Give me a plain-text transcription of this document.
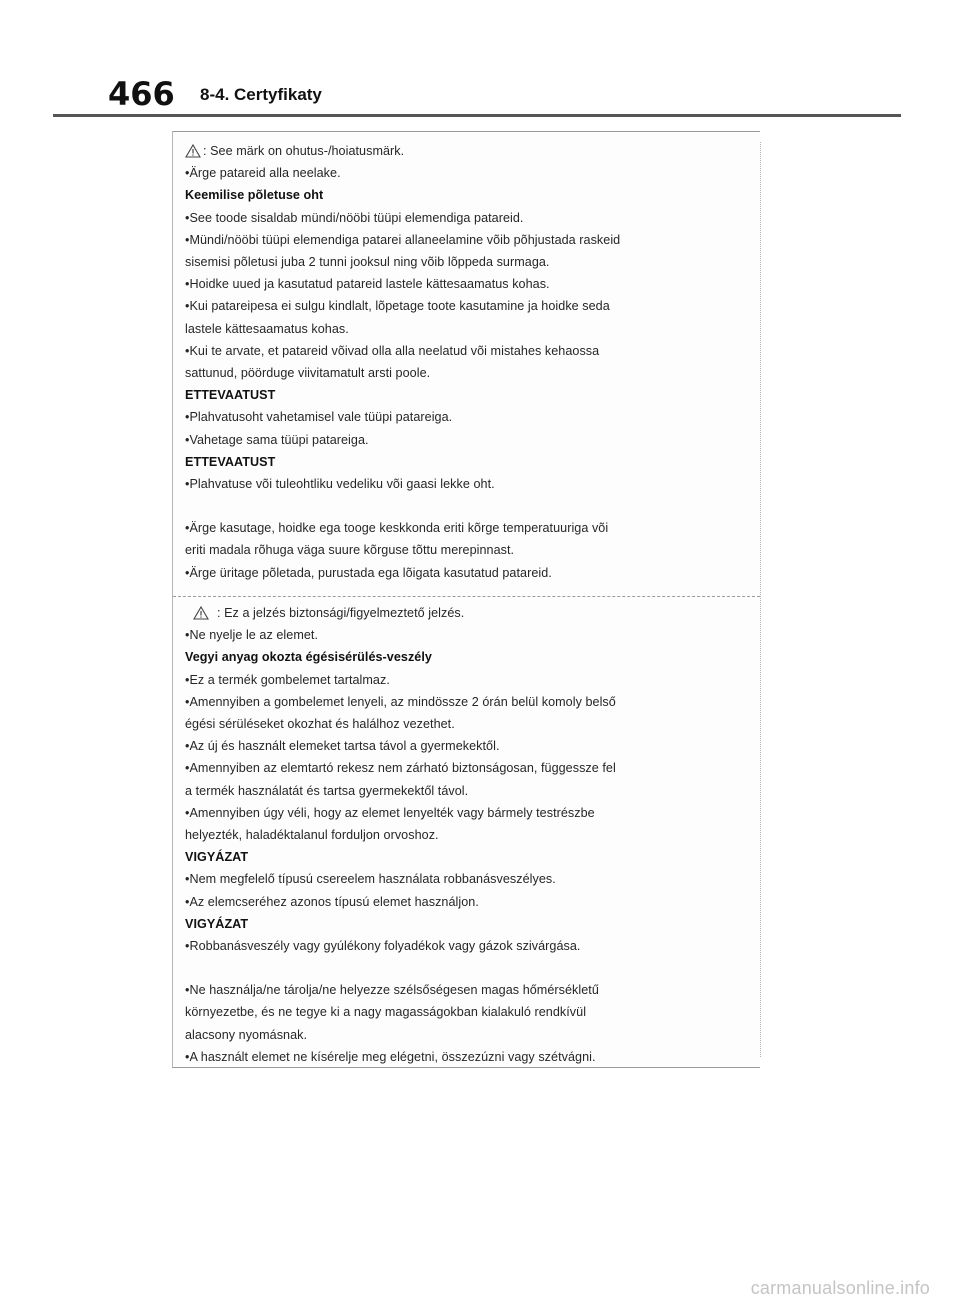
466 8-4. Certyfikaty
: See märk on ohutus-/hoiatusmärk.
•Ärge patareid alla neelake.
Keemilise põletuse oht
•See toode sisaldab mündi/nööbi tüüpi elemendiga patareid.
•Mündi/nööbi tüüpi elemendiga patarei allaneelamine võib põhjustada raskeid
sisemisi põletusi juba 2 tunni jooksul ning võib lõppeda surmaga.
•Hoidke uued ja kasutatud patareid lastele kättesaamatus kohas.
•Kui patareipesa ei sulgu kindlalt, lõpetage toote kasutamine ja hoidke seda
lastele kättesaamatus kohas.
•Kui te arvate, et patareid võivad olla alla neelatud või mistahes kehaossa
sattunud, pöörduge viivitamatult arsti poole.
ETTEVAATUST
•Plahvatusoht vahetamisel vale tüüpi patareiga.
•Vahetage sama tüüpi patareiga.
ETTEVAATUST
•Plahvatuse või tuleohtliku vedeliku või gaasi lekke oht.
•Ärge kasutage, hoidke ega tooge keskkonda eriti kõrge temperatuuriga või
eriti madala rõhuga väga suure kõrguse tõttu merepinnast.
•Ärge üritage põletada, purustada ega lõigata kasutatud patareid.
: Ez a jelzés biztonsági/figyelmeztető jelzés.
•Ne nyelje le az elemet.
Vegyi anyag okozta égésisérülés-veszély
•Ez a termék gombelemet tartalmaz.
•Amennyiben a gombelemet lenyeli, az mindössze 2 órán belül komoly belső
égési sérüléseket okozhat és halálhoz vezethet.
•Az új és használt elemeket tartsa távol a gyermekektől.
•Amennyiben az elemtartó rekesz nem zárható biztonságosan, függessze fel
a termék használatát és tartsa gyermekektől távol.
•Amennyiben úgy véli, hogy az elemet lenyelték vagy bármely testrészbe
helyezték, haladéktalanul forduljon orvoshoz.
VIGYÁZAT
•Nem megfelelő típusú csereelem használata robbanásveszélyes.
•Az elemcseréhez azonos típusú elemet használjon.
VIGYÁZAT
•Robbanásveszély vagy gyúlékony folyadékok vagy gázok szivárgása.
•Ne használja/ne tárolja/ne helyezze szélsőségesen magas hőmérsékletű
környezetbe, és ne tegye ki a nagy magasságokban kialakuló rendkívül
alacsony nyomásnak.
•A használt elemet ne kísérelje meg elégetni, összezúzni vagy szétvágni.
carmanualsonline.info
